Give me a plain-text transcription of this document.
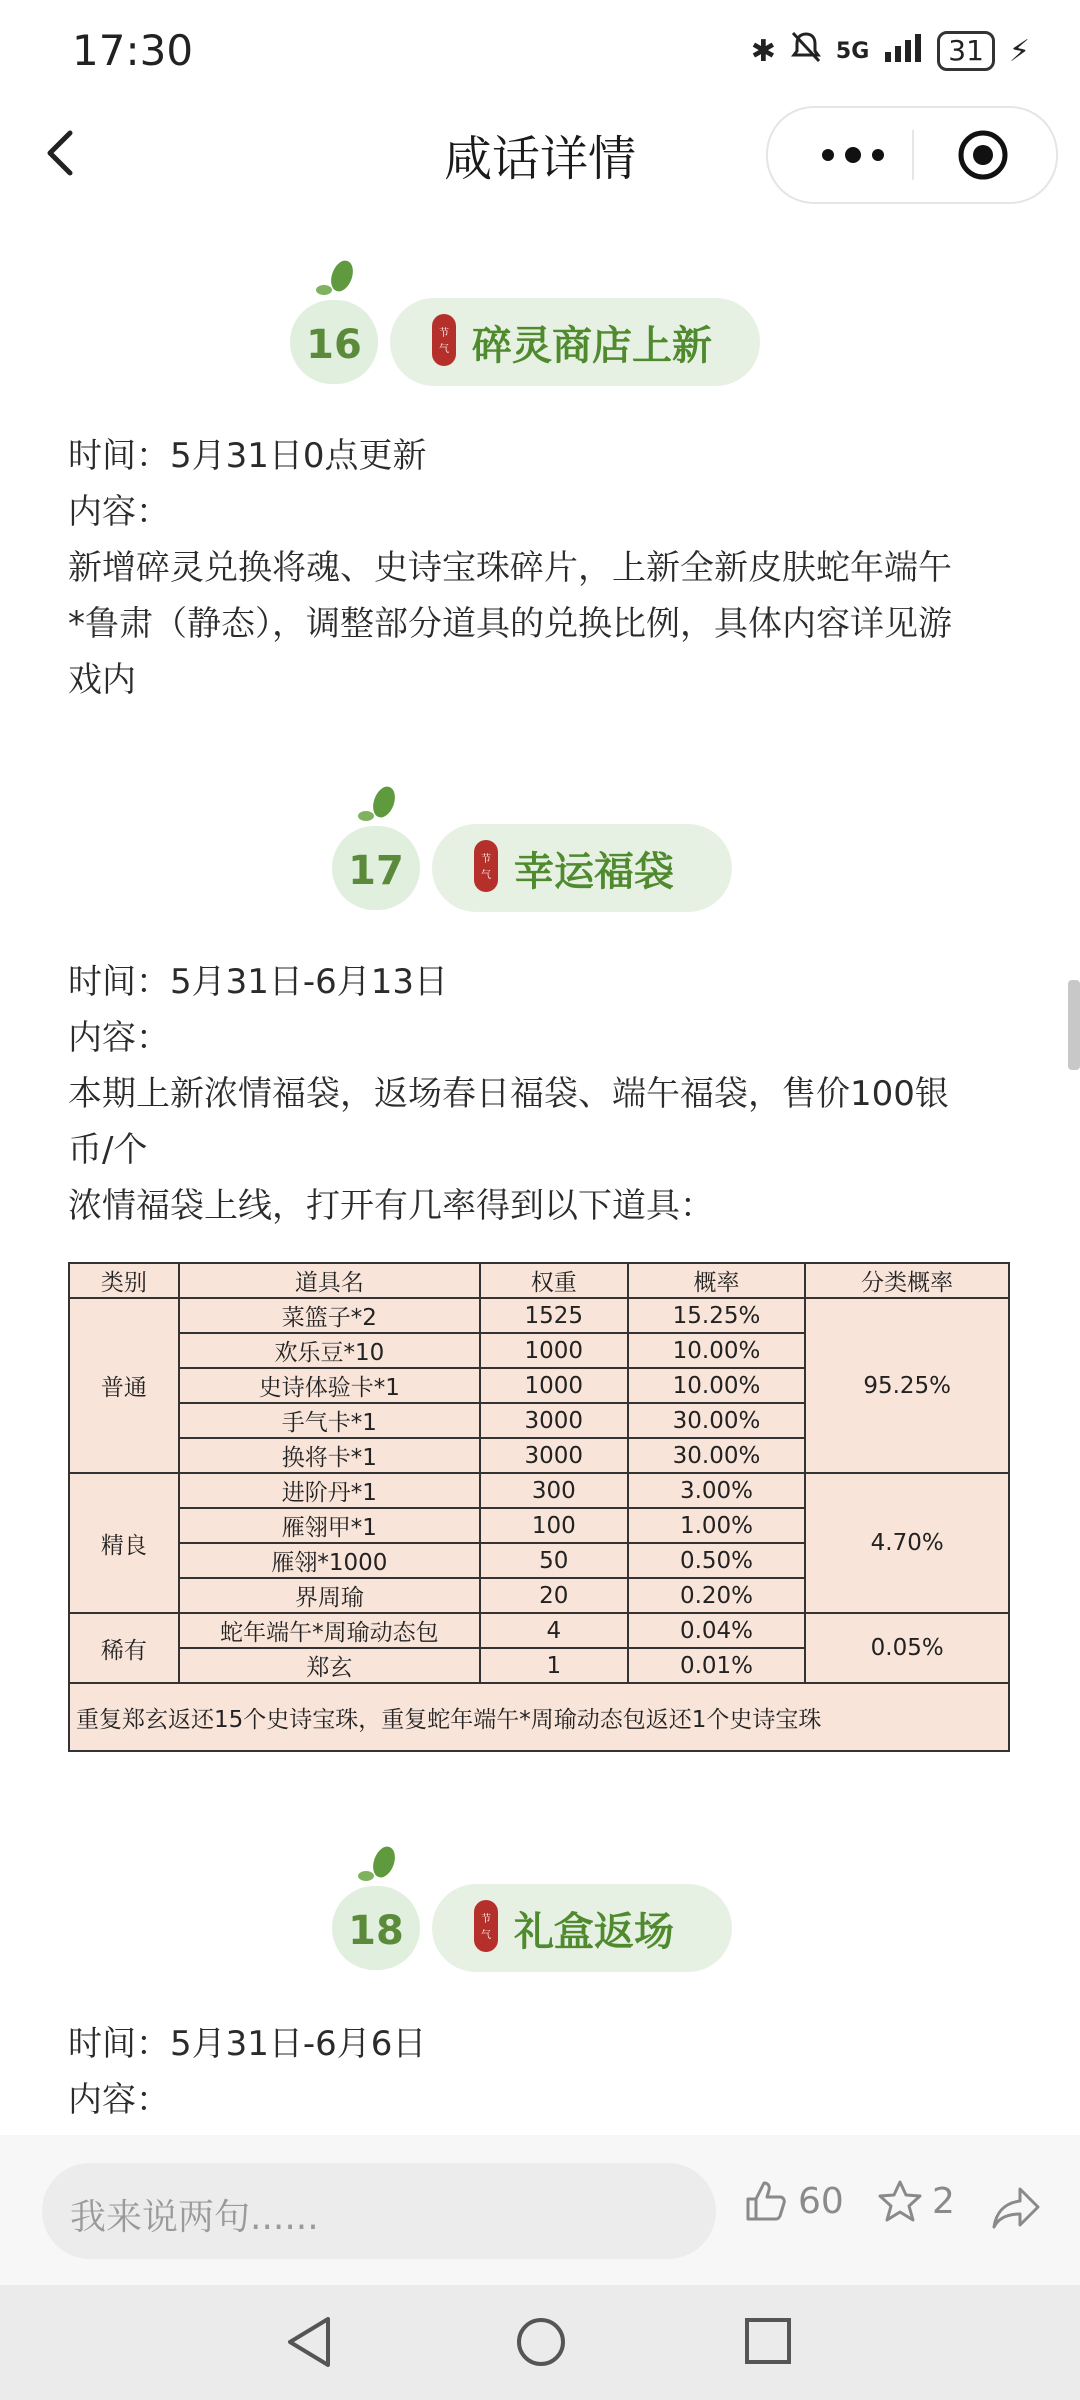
17:30	✱	5G	31 ⚡
咸话详情
16	节
气 碎灵商店上新
时间：5月31日0点更新
内容：
新增碎灵兑换将魂、史诗宝珠碎片，上新全新皮肤蛇年端午
*鲁肃（静态），调整部分道具的兑换比例，具体内容详见游
戏内
17	节
气 幸运福袋
时间：5月31日-6月13日
内容：
本期上新浓情福袋，返场春日福袋、端午福袋，售价100银
币/个
浓情福袋上线，打开有几率得到以下道具：
类别	道具名	权重	概率	分类概率
普通	菜篮子*2	1525	15.25%	95.25%
	欢乐豆*10	1000	10.00%	
	史诗体验卡*1	1000	10.00%	
	手气卡*1	3000	30.00%	
	换将卡*1	3000	30.00%	
精良	进阶丹*1	300	3.00%	4.70%
	雁翎甲*1	100	1.00%	
	雁翎*1000	50	0.50%	
	界周瑜	20	0.20%	
稀有	蛇年端午*周瑜动态包	4	0.04%	0.05%
	郑玄	1	0.01%	
重复郑玄返还15个史诗宝珠，重复蛇年端午*周瑜动态包返还1个史诗宝珠				
18	节
气 礼盒返场
时间：5月31日-6月6日
内容：
我来说两句......	60 2
